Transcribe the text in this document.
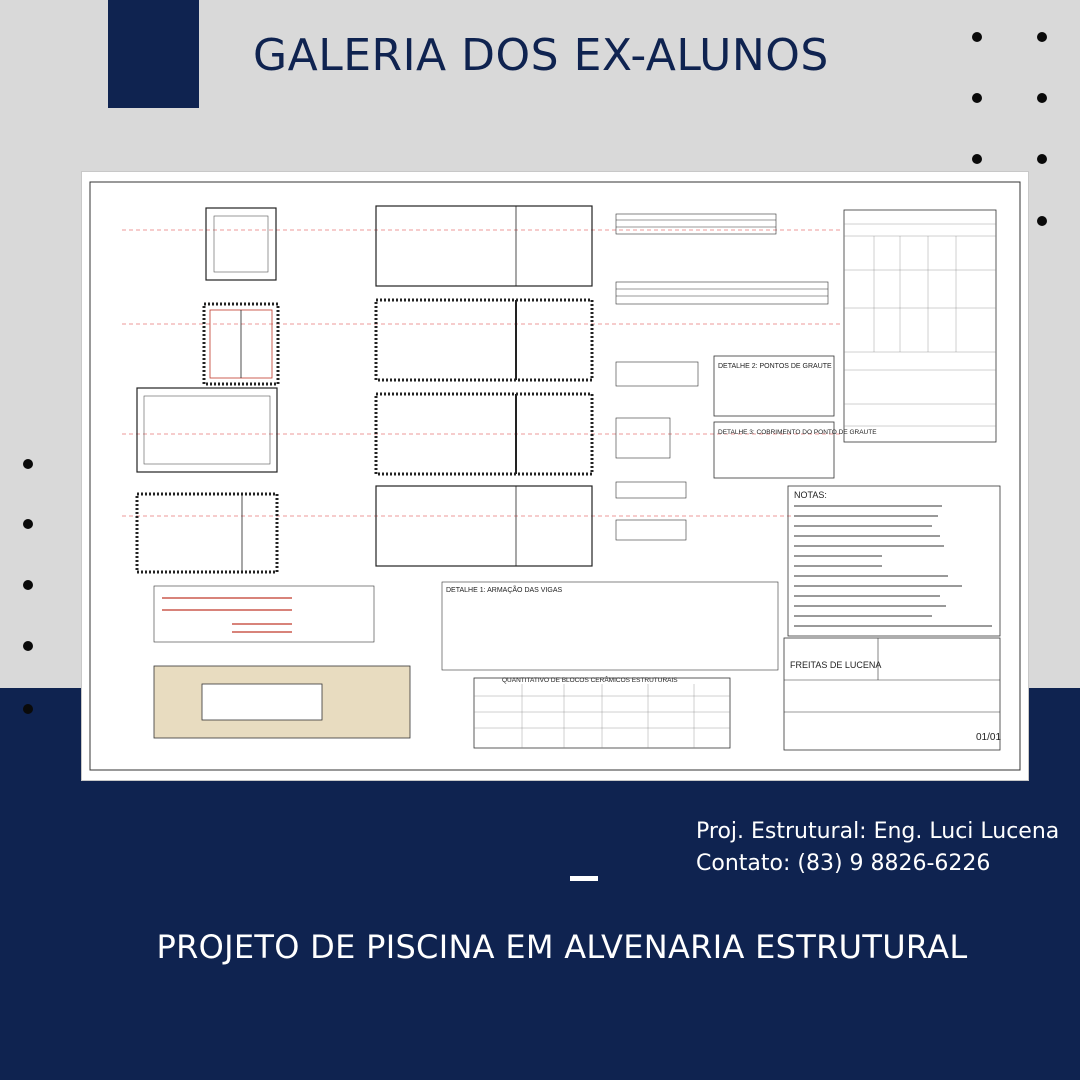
GALERIA DOS EX-ALUNOS
DETALHE 2: PONTOS DE GRAUTE
DETALHE 3: COBRIMENTO DO PONTO DE GRAUTE
NOTAS:
DETALHE 1: ARMAÇÃO DAS VIGAS
QUANTITATIVO DE BLOCOS CERÂMICOS ESTRUTURAIS
FREITAS DE LUCENA
01/01
Proj. Estrutural: Eng. Luci Lucena
Contato: (83) 9 8826-6226
PROJETO DE PISCINA EM ALVENARIA ESTRUTURAL
